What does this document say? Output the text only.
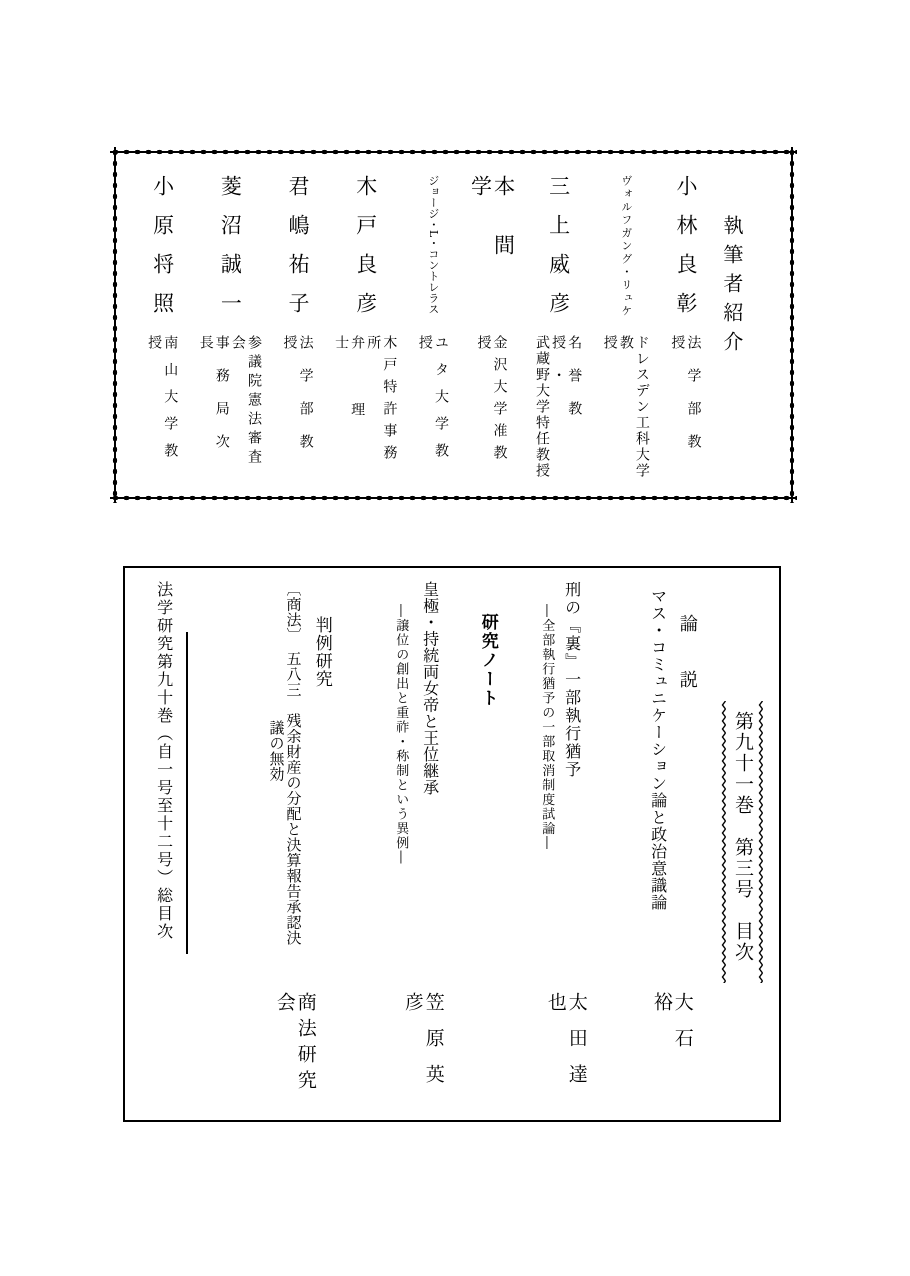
執筆者紹介
小林良彰
法学部教授
ヴォルフガング・リュケ
ドレスデン工科大学
教授
三上威彦
名誉教授・
武蔵野大学特任教授
本間学
金沢大学准教授
ジョージ・L・コントレラス
ユタ大学教授
木戸良彦
木戸特許事務所
弁理士
君嶋祐子
法学部教授
菱沼誠一
参議院憲法審査会
事務局次長
小原将照
南山大学教授
第九十一巻　第三号　目次
論　説
マス・コミュニケーション論と政治意識論
大石　裕
刑の『裏』一部執行猶予
―全部執行猶予の一部取消制度試論―
太田達也
研究ノート
皇極・持統両女帝と王位継承
―譲位の創出と重祚・称制という異例―
笠原英彦
判例研究
〔商法〕　五八三　残余財産の分配と決算報告承認決
議の無効
商法研究会
法学研究第九十巻（自一号至十二号）総目次
